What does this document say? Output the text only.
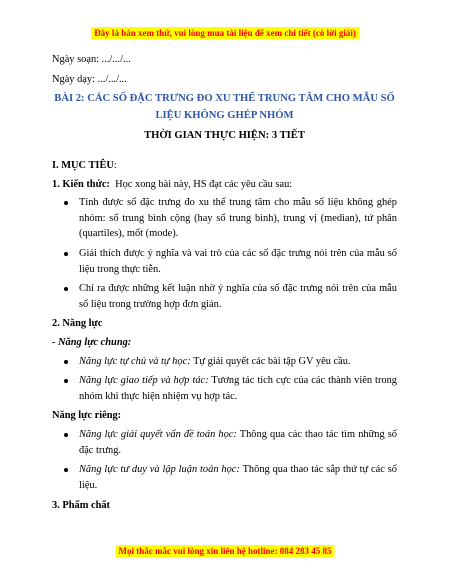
Đây là bản xem thử, vui lòng mua tài liệu để xem chi tiết (có lời giải)

Ngày soạn: .../.../...

Ngày dạy: .../.../...

BÀI 2: CÁC SỐ ĐẶC TRƯNG ĐO XU THẾ TRUNG TÂM CHO MẪU SỐ LIỆU KHÔNG GHÉP NHÓM

THỜI GIAN THỰC HIỆN: 3 TIẾT

I. MỤC TIÊU:

1. Kiến thức: Học xong bài này, HS đạt các yêu cầu sau:

Tính được số đặc trưng đo xu thế trung tâm cho mẫu số liệu không ghép nhóm: số trung bình cộng (hay số trung bình), trung vị (median), tứ phân (quartiles), mốt (mode).
Giải thích được ý nghĩa và vai trò của các số đặc trưng nói trên của mẫu số liệu trong thực tiễn.
Chỉ ra được những kết luận nhờ ý nghĩa của số đặc trưng nói trên của mẫu số liệu trong trường hợp đơn giản.

2. Năng lực

- Năng lực chung:

Năng lực tự chủ và tự học: Tự giải quyết các bài tập GV yêu cầu.
Năng lực giao tiếp và hợp tác: Tương tác tích cực của các thành viên trong nhóm khi thực hiện nhiệm vụ hợp tác.

Năng lực riêng:

Năng lực giải quyết vấn đề toán học: Thông qua các thao tác tìm những số đặc trưng.
Năng lực tư duy và lập luận toán học: Thông qua thao tác sắp thứ tự các số liệu.

3. Phẩm chất

Mọi thắc mắc vui lòng xin liên hệ hotline: 084 283 45 85
